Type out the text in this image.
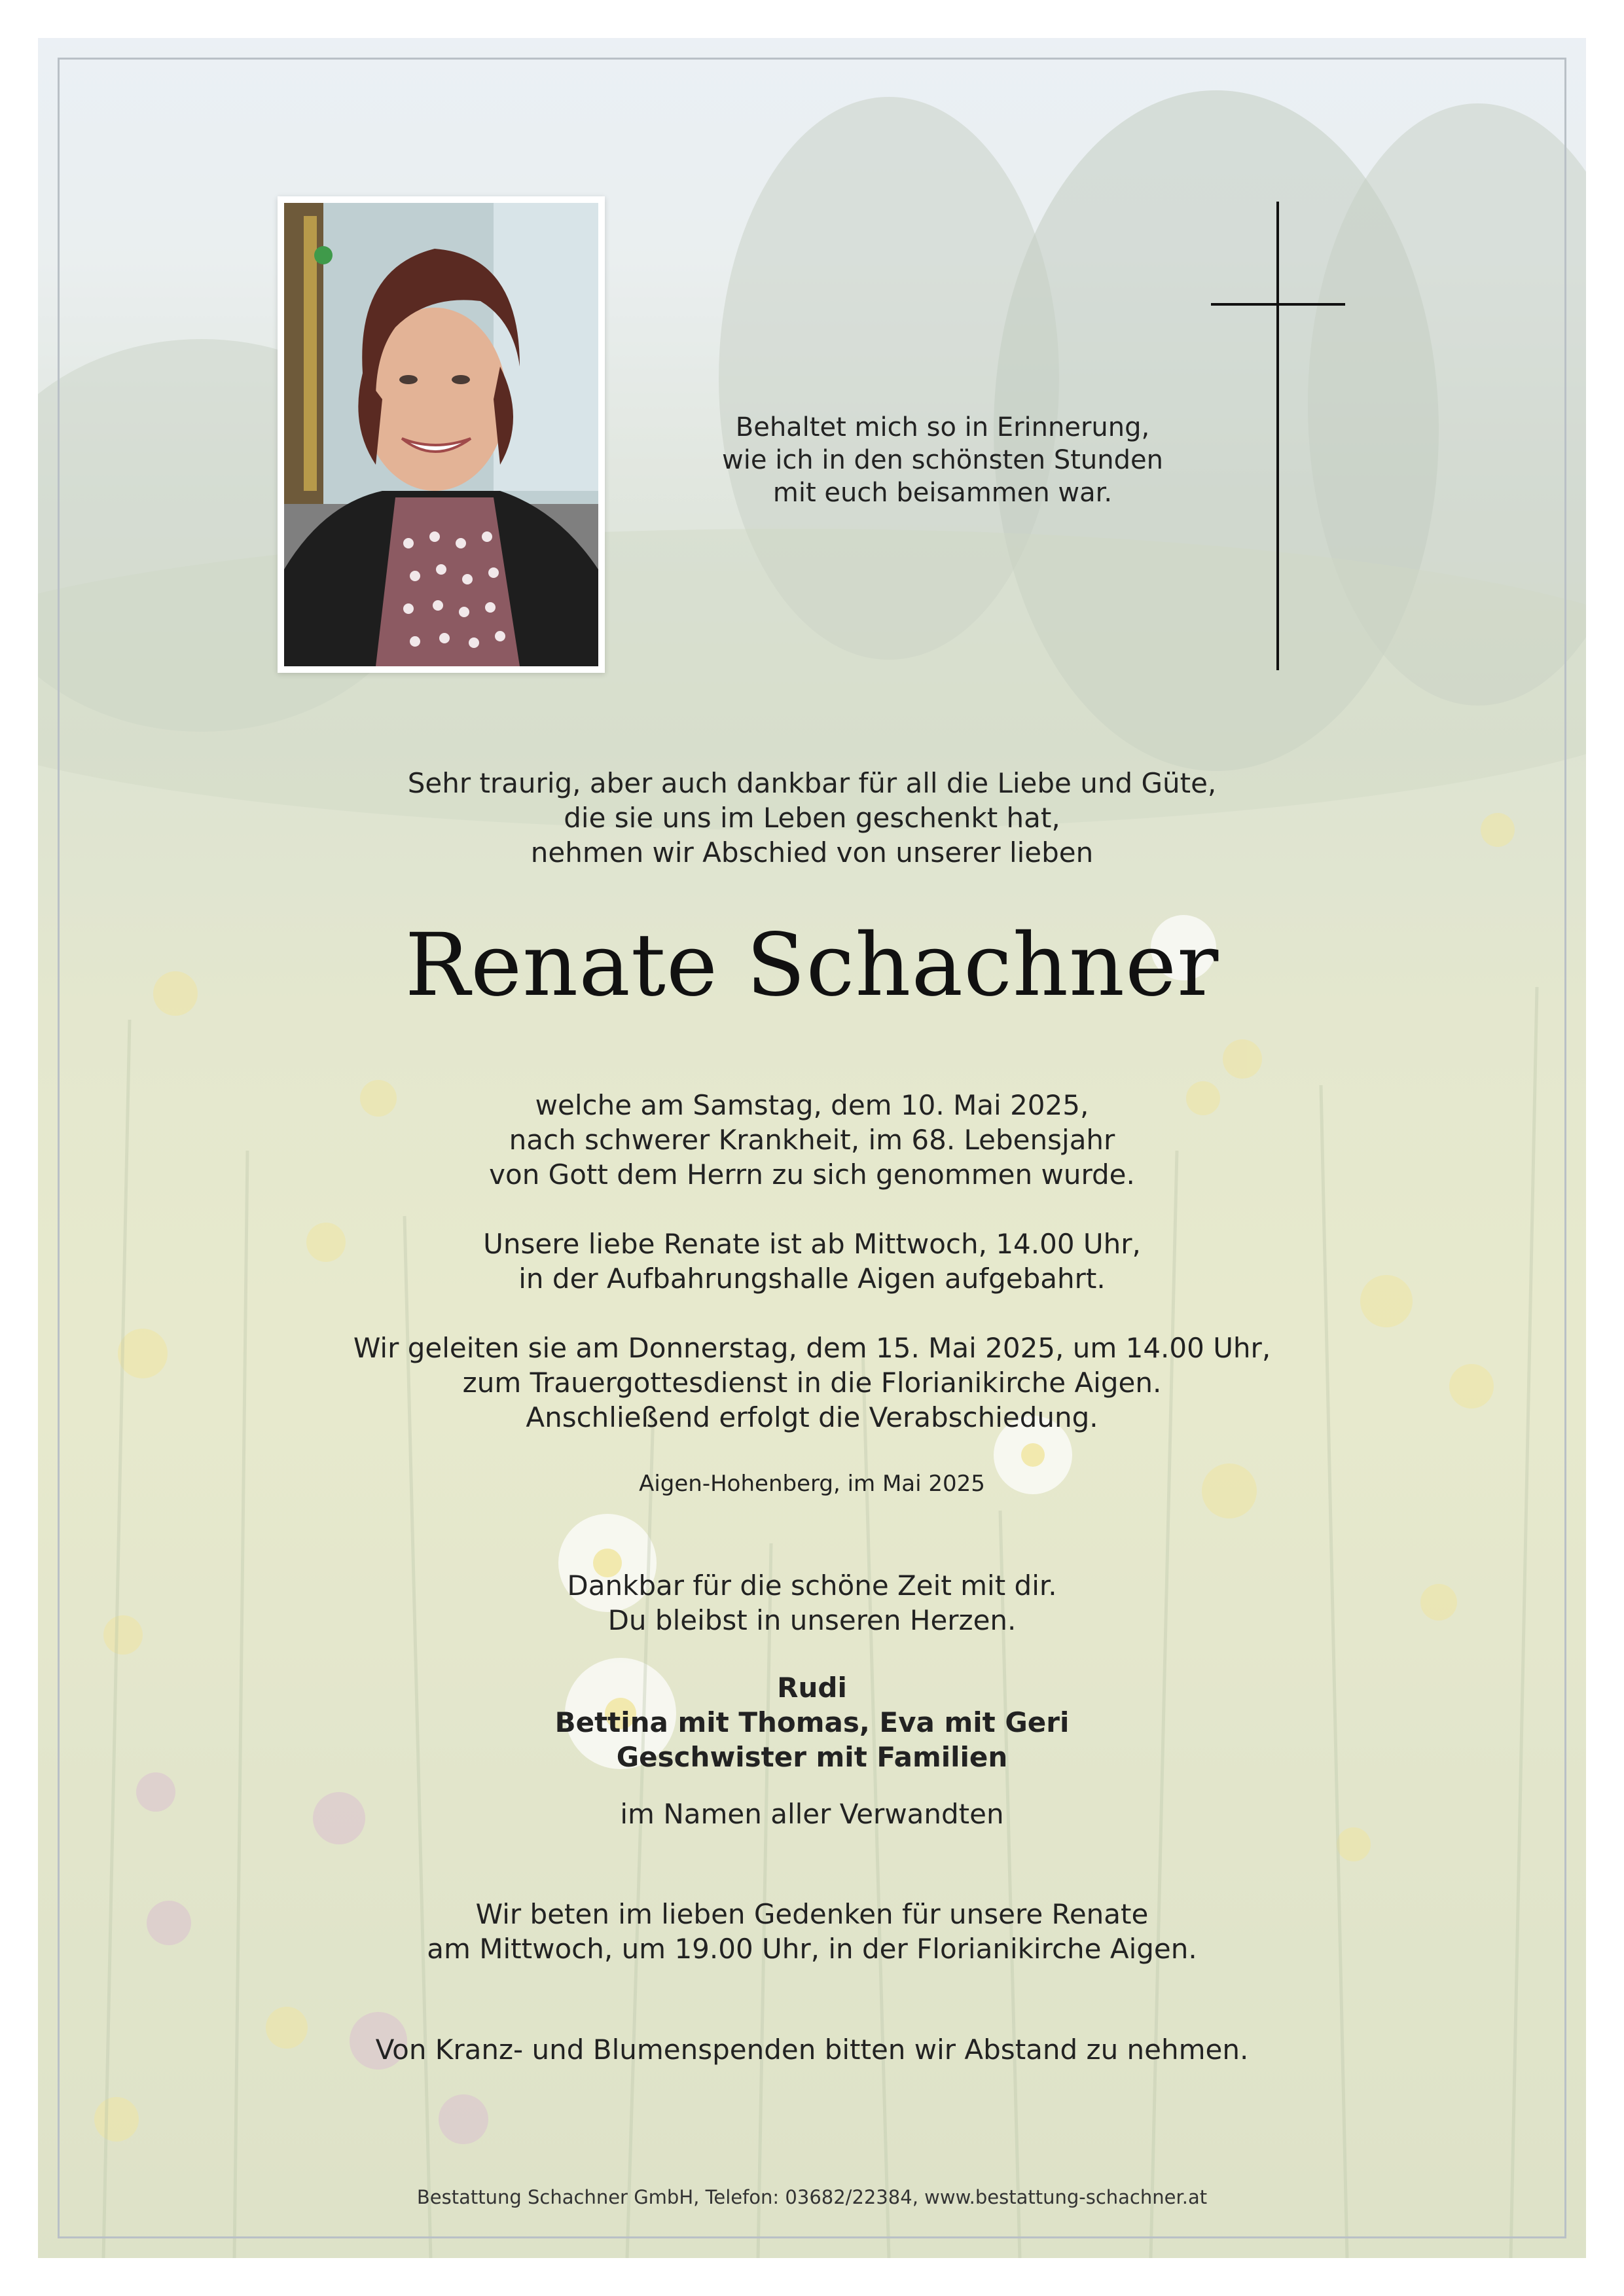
Behaltet mich so in Erinnerung,

wie ich in den schönsten Stunden

mit euch beisammen war.

Sehr traurig, aber auch dankbar für all die Liebe und Güte,

die sie uns im Leben geschenkt hat,

nehmen wir Abschied von unserer lieben

Renate Schachner

welche am Samstag, dem 10. Mai 2025,

nach schwerer Krankheit, im 68. Lebensjahr

von Gott dem Herrn zu sich genommen wurde.

Unsere liebe Renate ist ab Mittwoch, 14.00 Uhr,

in der Aufbahrungshalle Aigen aufgebahrt.

Wir geleiten sie am Donnerstag, dem 15. Mai 2025, um 14.00 Uhr,

zum Trauergottesdienst in die Florianikirche Aigen.

Anschließend erfolgt die Verabschiedung.

Aigen-Hohenberg, im Mai 2025

Dankbar für die schöne Zeit mit dir.

Du bleibst in unseren Herzen.

Rudi

Bettina mit Thomas, Eva mit Geri

Geschwister mit Familien

im Namen aller Verwandten

Wir beten im lieben Gedenken für unsere Renate

am Mittwoch, um 19.00 Uhr, in der Florianikirche Aigen.

Von Kranz- und Blumenspenden bitten wir Abstand zu nehmen.
Bestattung Schachner GmbH, Telefon: 03682/22384, www.bestattung-schachner.at
